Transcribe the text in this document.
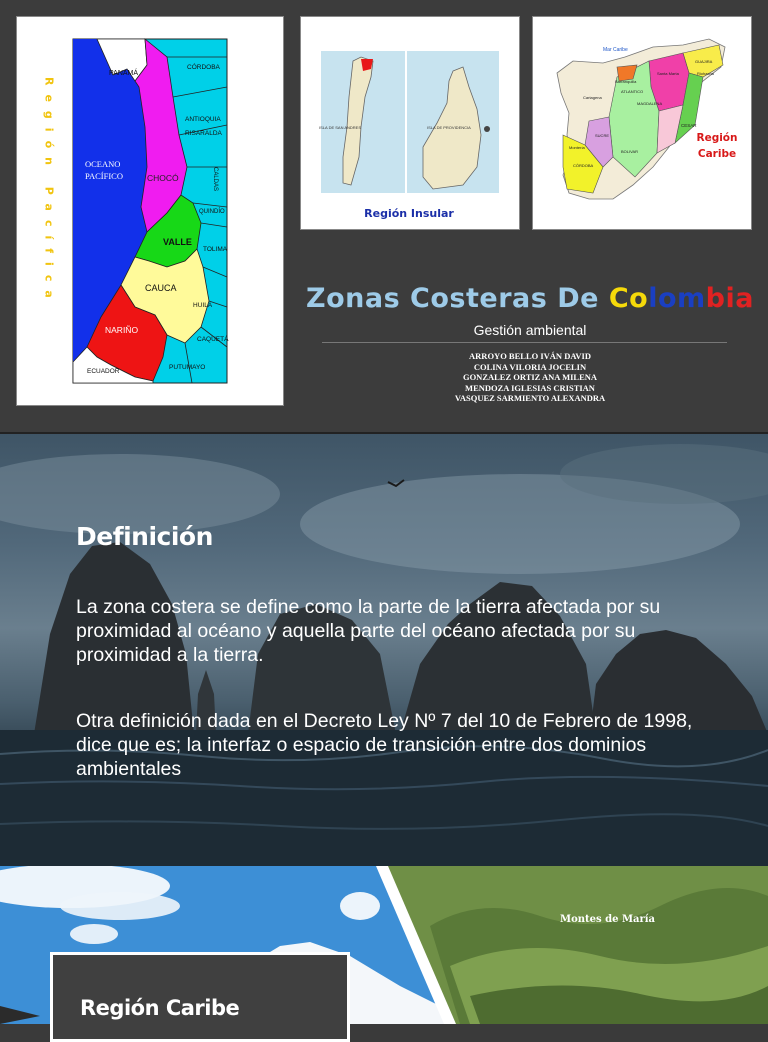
Región Pacífica
PANAMÁ
CÓRDOBA
ANTIOQUIA
RISARALDA
CALDAS
OCEANO
PACÍFICO	CHOCÓ
QUINDÍO
VALLE
TOLIMA
CAUCA
HUILA
NARIÑO
CAQUETÁ
PUTUMAYO
ECUADOR
ISLA DE SAN ANDRES	ISLA DE PROVIDENCIA
Región Insular
Mar Caribe
GUAJIRA
Santa Marta	Riohacha
Barranquilla
ATLANTICO
Cartagena
MAGDALENA
CESAR
SUCRE
BOLIVAR
Montería
CÓRDOBA
Región
Caribe
Zonas Costeras De Colombia
Gestión ambiental
ARROYO BELLO IVÁN DAVID
COLINA VILORIA JOCELIN
GONZALEZ ORTIZ ANA MILENA
MENDOZA IGLESIAS CRISTIAN
VASQUEZ SARMIENTO ALEXANDRA
Definición
La zona costera se define como la parte de la tierra afectada por su proximidad al océano y aquella parte del océano afectada por su proximidad a la tierra.
Otra definición dada en el Decreto Ley Nº 7 del 10 de Febrero de 1998, dice que es; la interfaz o espacio de transición entre dos dominios ambientales
Montes de María
Región Caribe
